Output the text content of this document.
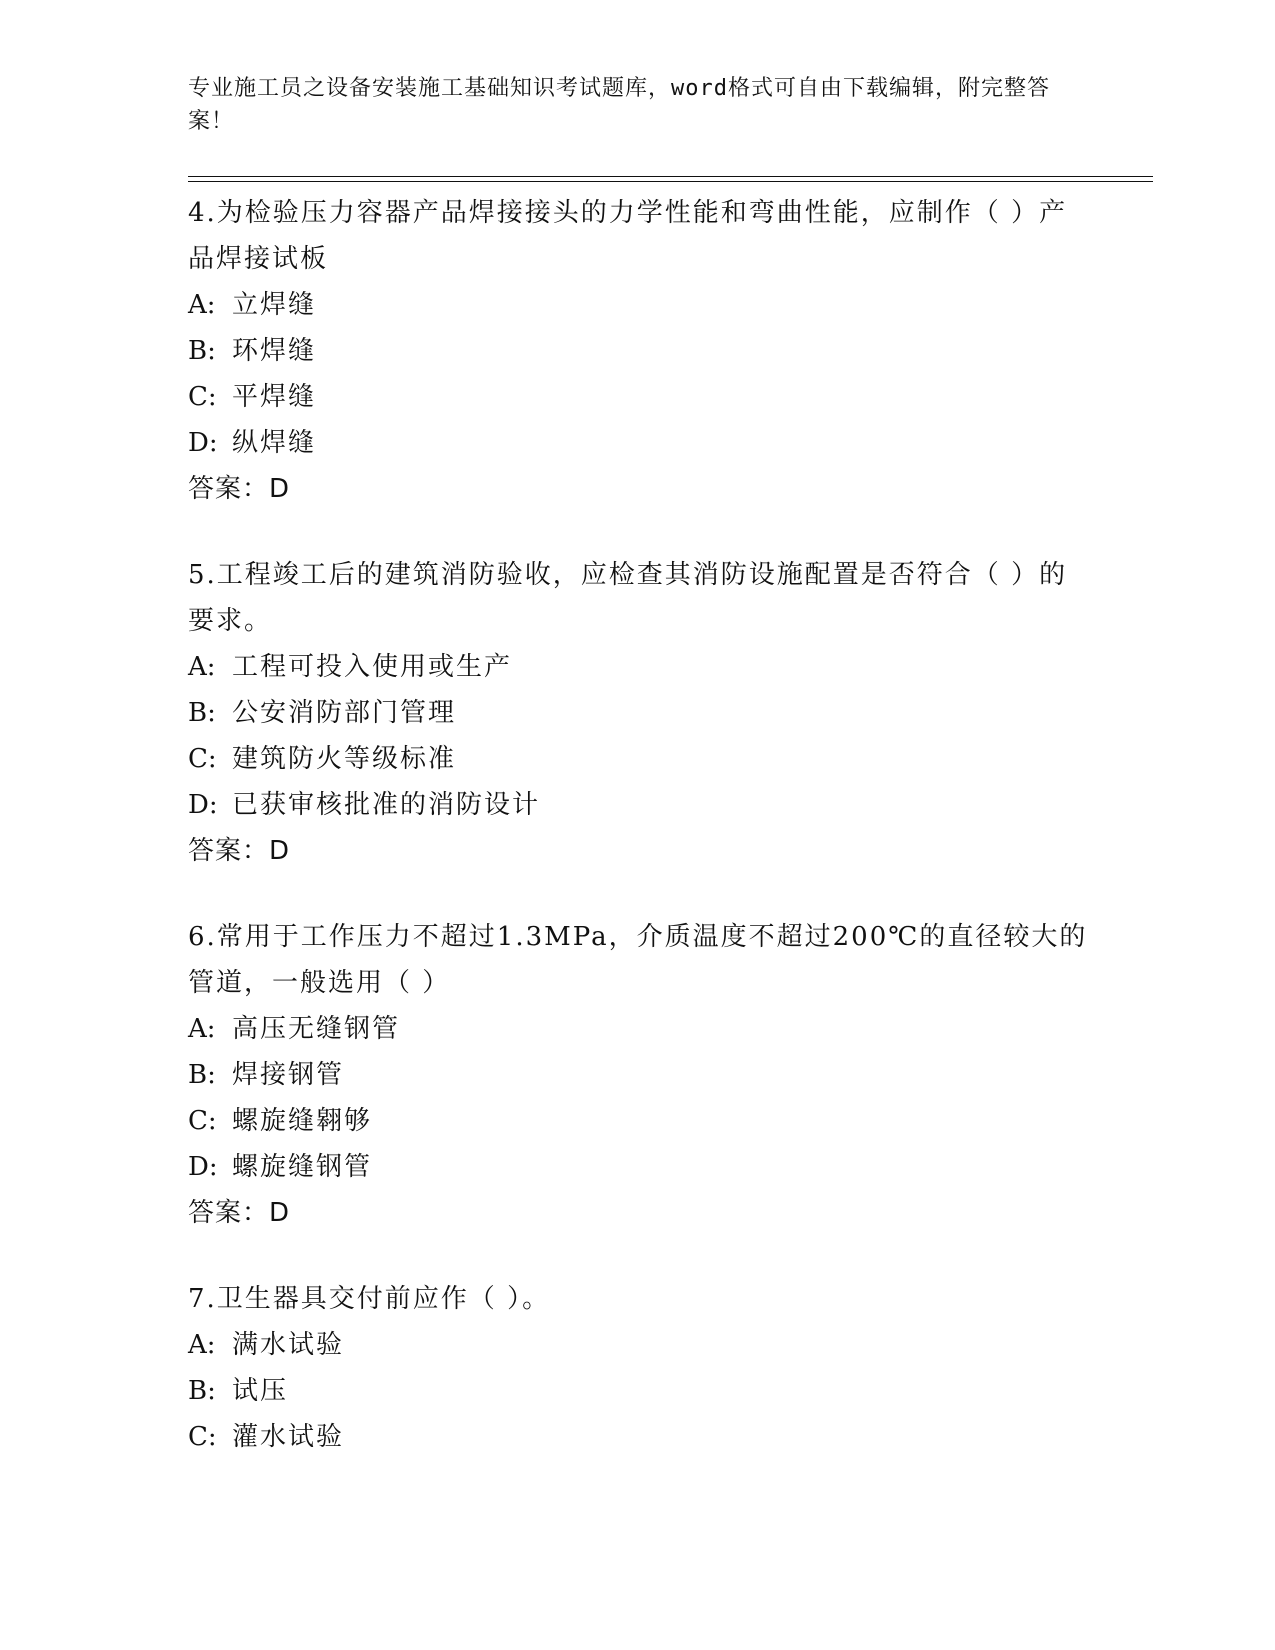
专业施工员之设备安装施工基础知识考试题库，word格式可自由下载编辑，附完整答案！

4.为检验压力容器产品焊接接头的力学性能和弯曲性能，应制作（ ）产品焊接试板

A: 立焊缝

B: 环焊缝

C: 平焊缝

D: 纵焊缝

答案：D

5.工程竣工后的建筑消防验收，应检查其消防设施配置是否符合（ ）的要求。

A: 工程可投入使用或生产

B: 公安消防部门管理

C: 建筑防火等级标准

D: 已获审核批准的消防设计

答案：D

6.常用于工作压力不超过1.3MPa，介质温度不超过200℃的直径较大的管道，一般选用（ ）

A: 高压无缝钢管

B: 焊接钢管

C: 螺旋缝翱够

D: 螺旋缝钢管

答案：D

7.卫生器具交付前应作（ ）。

A: 满水试验

B: 试压

C: 灌水试验
